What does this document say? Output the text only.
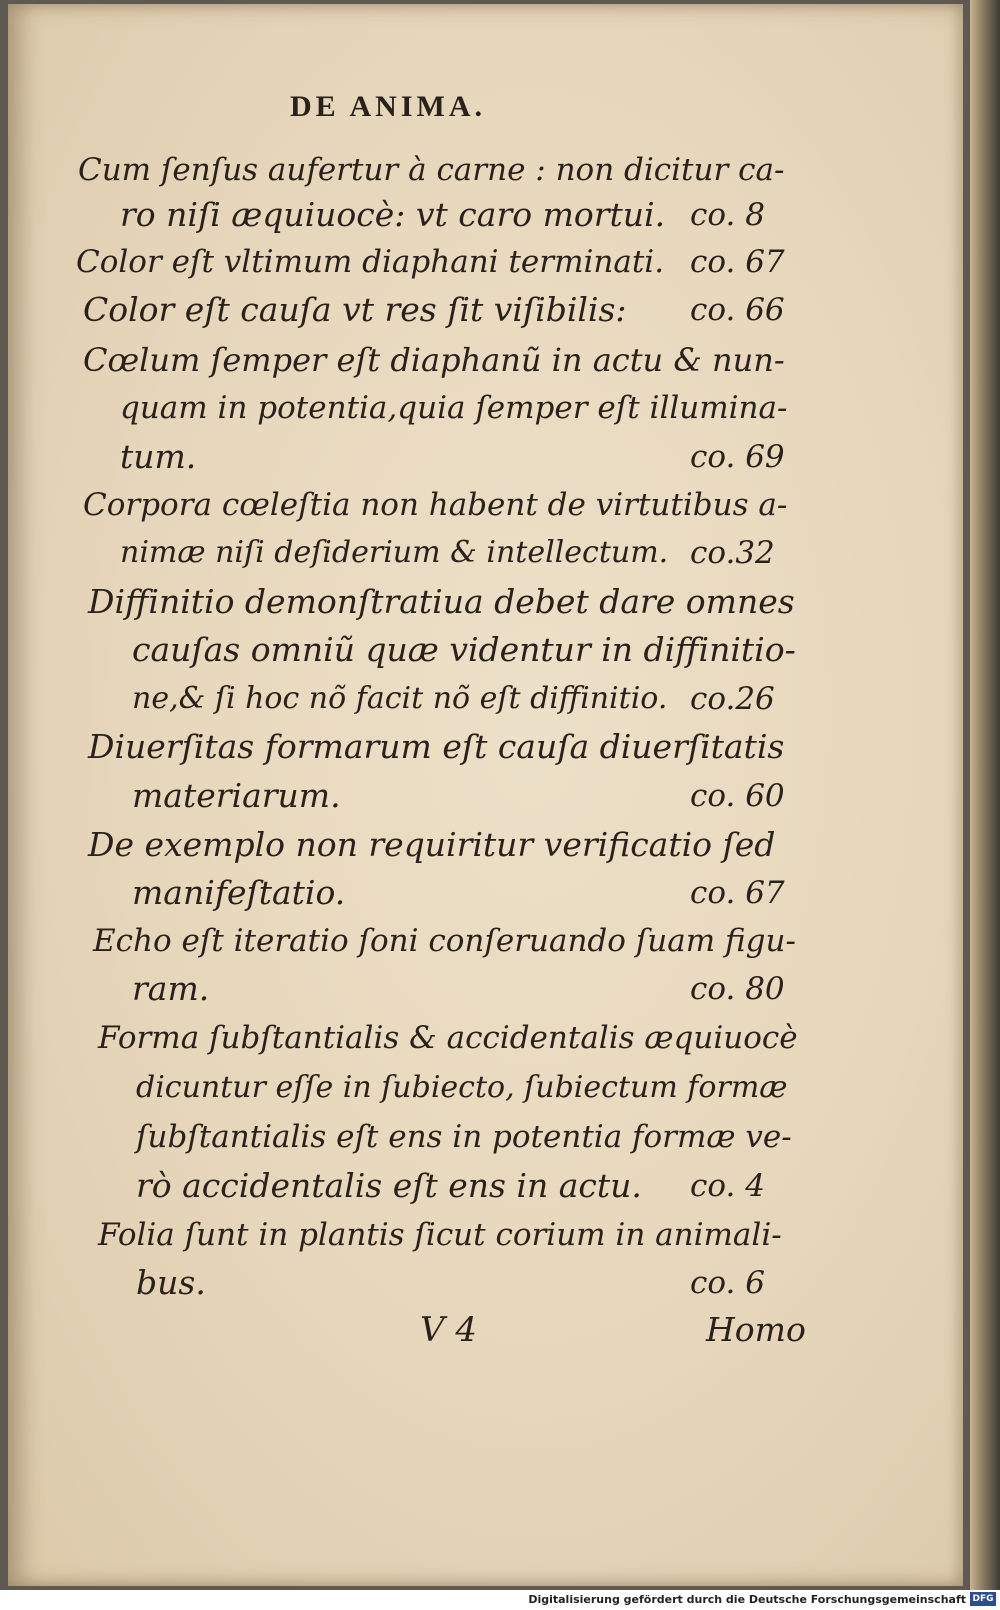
DE ANIMA.
Cum ſenſus aufertur à carne : non dicitur ca-
ro niſi æquiuocè: vt caro mortui. co. 8
Color eſt vltimum diaphani terminati. co. 67
Color eſt cauſa vt res ſit viſibilis: co. 66
Cœlum ſemper eſt diaphanũ in actu & nun-
quam in potentia,quia ſemper eſt illumina-
tum.	co. 69
Corpora cœleſtia non habent de virtutibus a-
nimæ niſi deſiderium & intellectum. co.32
Diffinitio demonſtratiua debet dare omnes
cauſas omniũ quæ videntur in diffinitio-
ne,& ſi hoc nõ facit nõ eſt diffinitio. co.26
Diuerſitas formarum eſt cauſa diuerſitatis
materiarum.	co. 60
De exemplo non requiritur verificatio ſed
manifeſtatio.	co. 67
Echo eſt iteratio ſoni conſeruando ſuam figu-
ram.	co. 80
Forma ſubſtantialis & accidentalis æquiuocè
dicuntur eſſe in ſubiecto, ſubiectum formæ
ſubſtantialis eſt ens in potentia formæ ve-
rò accidentalis eſt ens in actu. co. 4
Folia ſunt in plantis ſicut corium in animali-
bus.	co. 6
V 4	Homo
Digitalisierung gefördert durch die Deutsche Forschungsgemeinschaft DFG
